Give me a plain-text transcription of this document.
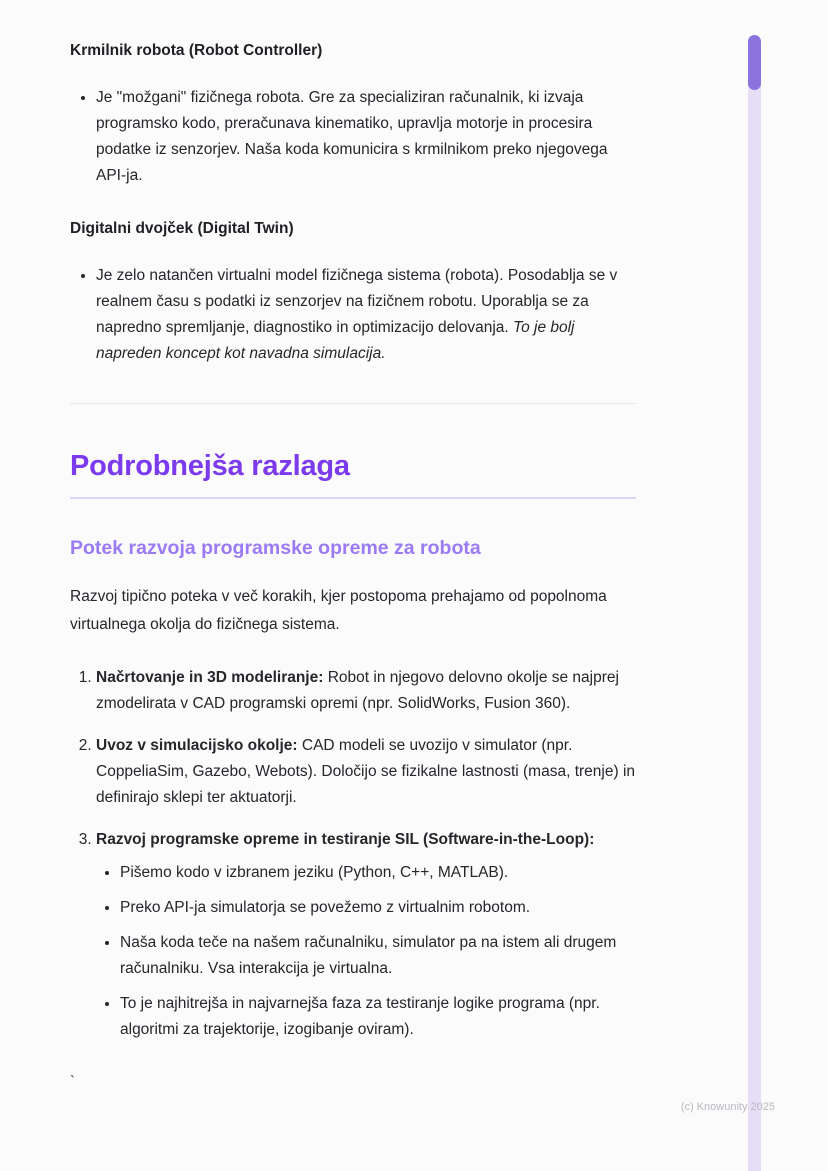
Krmilnik robota (Robot Controller)
• Je "možgani" fizičnega robota. Gre za specializiran računalnik, ki izvaja programsko kodo, preračunava kinematiko, upravlja motorje in procesira podatke iz senzorjev. Naša koda komunicira s krmilnikom preko njegovega API-ja.
Digitalni dvojček (Digital Twin)
• Je zelo natančen virtualni model fizičnega sistema (robota). Posodablja se v realnem času s podatki iz senzorjev na fizičnem robotu. Uporablja se za napredno spremljanje, diagnostiko in optimizacijo delovanja. To je bolj napreden koncept kot navadna simulacija.
Podrobnejša razlaga
Potek razvoja programske opreme za robota

Razvoj tipično poteka v več korakih, kjer postopoma prehajamo od popolnoma virtualnega okolja do fizičnega sistema.

1. Načrtovanje in 3D modeliranje: Robot in njegovo delovno okolje se najprej zmodelirata v CAD programski opremi (npr. SolidWorks, Fusion 360).
2. Uvoz v simulacijsko okolje: CAD modeli se uvozijo v simulator (npr. CoppeliaSim, Gazebo, Webots). Določijo se fizikalne lastnosti (masa, trenje) in definirajo sklepi ter aktuatorji.
3. Razvoj programske opreme in testiranje SIL (Software-in-the-Loop):
• Pišemo kodo v izbranem jeziku (Python, C++, MATLAB).
• Preko API-ja simulatorja se povežemo z virtualnim robotom.
• Naša koda teče na našem računalniku, simulator pa na istem ali drugem računalniku. Vsa interakcija je virtualna.
• To je najhitrejša in najvarnejša faza za testiranje logike programa (npr. algoritmi za trajektorije, izogibanje oviram).

`

(c) Knowunity 2025
